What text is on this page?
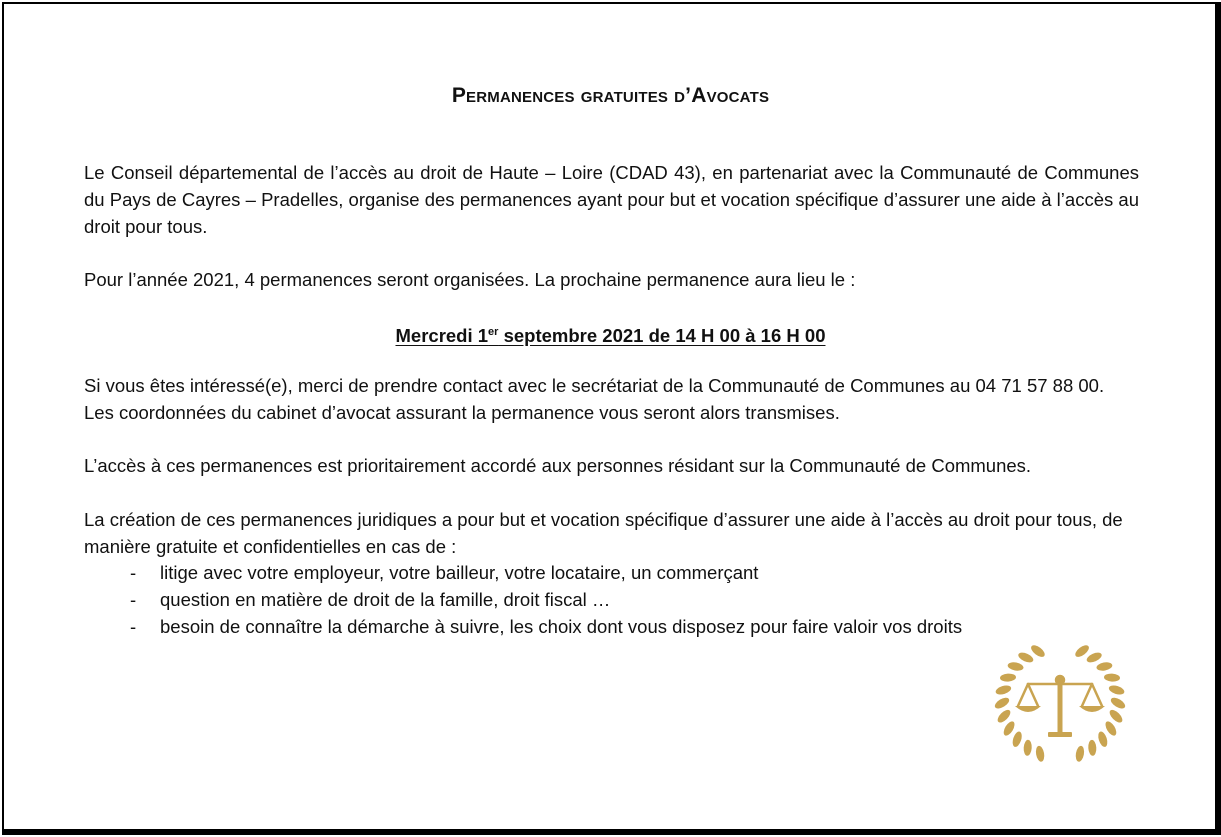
Permanences gratuites d’Avocats
Le Conseil départemental de l’accès au droit de Haute – Loire (CDAD 43), en partenariat avec la Communauté de Communes du Pays de Cayres – Pradelles, organise des permanences ayant pour but et vocation spécifique d’assurer une aide à l’accès au droit pour tous.
Pour l’année 2021, 4 permanences seront organisées. La prochaine permanence aura lieu le :
Mercredi 1er septembre 2021 de 14 H 00 à 16 H 00
Si vous êtes intéressé(e), merci de prendre contact avec le secrétariat de la Communauté de Communes au 04 71 57 88 00.
Les coordonnées du cabinet d’avocat assurant la permanence vous seront alors transmises.
L’accès à ces permanences est prioritairement accordé aux personnes résidant sur la Communauté de Communes.
La création de ces permanences juridiques a pour but et vocation spécifique d’assurer une aide à l’accès au droit pour tous, de manière gratuite et confidentielles en cas de :
- litige avec votre employeur, votre bailleur, votre locataire, un commerçant
- question en matière de droit de la famille, droit fiscal …
- besoin de connaître la démarche à suivre, les choix dont vous disposez pour faire valoir vos droits
